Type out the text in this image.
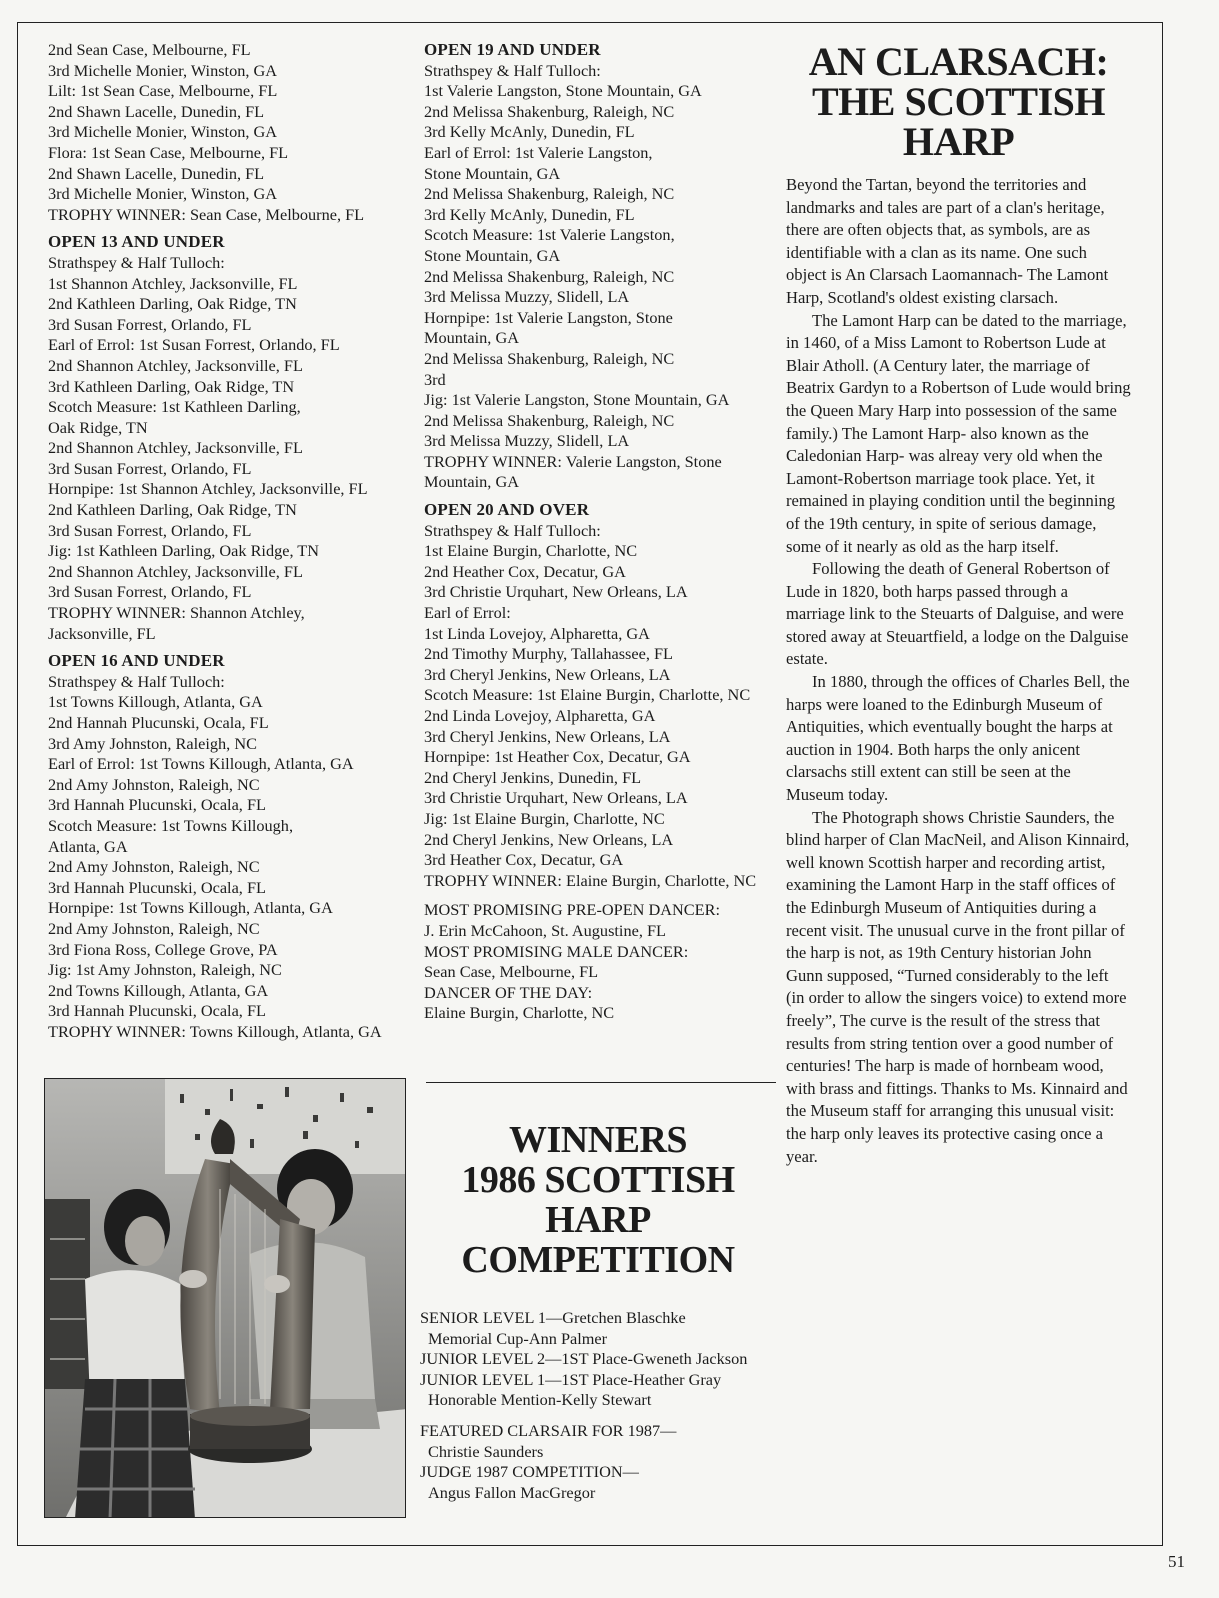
2nd Sean Case, Melbourne, FL
3rd Michelle Monier, Winston, GA
Lilt: 1st Sean Case, Melbourne, FL
2nd Shawn Lacelle, Dunedin, FL
3rd Michelle Monier, Winston, GA
Flora: 1st Sean Case, Melbourne, FL
2nd Shawn Lacelle, Dunedin, FL
3rd Michelle Monier, Winston, GA
TROPHY WINNER: Sean Case, Melbourne, FL
OPEN 13 AND UNDER
Strathspey & Half Tulloch:
1st Shannon Atchley, Jacksonville, FL
2nd Kathleen Darling, Oak Ridge, TN
3rd Susan Forrest, Orlando, FL
Earl of Errol: 1st Susan Forrest, Orlando, FL
2nd Shannon Atchley, Jacksonville, FL
3rd Kathleen Darling, Oak Ridge, TN
Scotch Measure: 1st Kathleen Darling,
Oak Ridge, TN
2nd Shannon Atchley, Jacksonville, FL
3rd Susan Forrest, Orlando, FL
Hornpipe: 1st Shannon Atchley, Jacksonville, FL
2nd Kathleen Darling, Oak Ridge, TN
3rd Susan Forrest, Orlando, FL
Jig: 1st Kathleen Darling, Oak Ridge, TN
2nd Shannon Atchley, Jacksonville, FL
3rd Susan Forrest, Orlando, FL
TROPHY WINNER: Shannon Atchley,
Jacksonville, FL
OPEN 16 AND UNDER
Strathspey & Half Tulloch:
1st Towns Killough, Atlanta, GA
2nd Hannah Plucunski, Ocala, FL
3rd Amy Johnston, Raleigh, NC
Earl of Errol: 1st Towns Killough, Atlanta, GA
2nd Amy Johnston, Raleigh, NC
3rd Hannah Plucunski, Ocala, FL
Scotch Measure: 1st Towns Killough,
Atlanta, GA
2nd Amy Johnston, Raleigh, NC
3rd Hannah Plucunski, Ocala, FL
Hornpipe: 1st Towns Killough, Atlanta, GA
2nd Amy Johnston, Raleigh, NC
3rd Fiona Ross, College Grove, PA
Jig: 1st Amy Johnston, Raleigh, NC
2nd Towns Killough, Atlanta, GA
3rd Hannah Plucunski, Ocala, FL
TROPHY WINNER: Towns Killough, Atlanta, GA
OPEN 19 AND UNDER
Strathspey & Half Tulloch:
1st Valerie Langston, Stone Mountain, GA
2nd Melissa Shakenburg, Raleigh, NC
3rd Kelly McAnly, Dunedin, FL
Earl of Errol: 1st Valerie Langston,
Stone Mountain, GA
2nd Melissa Shakenburg, Raleigh, NC
3rd Kelly McAnly, Dunedin, FL
Scotch Measure: 1st Valerie Langston,
Stone Mountain, GA
2nd Melissa Shakenburg, Raleigh, NC
3rd Melissa Muzzy, Slidell, LA
Hornpipe: 1st Valerie Langston, Stone
Mountain, GA
2nd Melissa Shakenburg, Raleigh, NC
3rd
Jig: 1st Valerie Langston, Stone Mountain, GA
2nd Melissa Shakenburg, Raleigh, NC
3rd Melissa Muzzy, Slidell, LA
TROPHY WINNER: Valerie Langston, Stone
Mountain, GA
OPEN 20 AND OVER
Strathspey & Half Tulloch:
1st Elaine Burgin, Charlotte, NC
2nd Heather Cox, Decatur, GA
3rd Christie Urquhart, New Orleans, LA
Earl of Errol:
1st Linda Lovejoy, Alpharetta, GA
2nd Timothy Murphy, Tallahassee, FL
3rd Cheryl Jenkins, New Orleans, LA
Scotch Measure: 1st Elaine Burgin, Charlotte, NC
2nd Linda Lovejoy, Alpharetta, GA
3rd Cheryl Jenkins, New Orleans, LA
Hornpipe: 1st Heather Cox, Decatur, GA
2nd Cheryl Jenkins, Dunedin, FL
3rd Christie Urquhart, New Orleans, LA
Jig: 1st Elaine Burgin, Charlotte, NC
2nd Cheryl Jenkins, New Orleans, LA
3rd Heather Cox, Decatur, GA
TROPHY WINNER: Elaine Burgin, Charlotte, NC
MOST PROMISING PRE-OPEN DANCER:
J. Erin McCahoon, St. Augustine, FL
MOST PROMISING MALE DANCER:
Sean Case, Melbourne, FL
DANCER OF THE DAY:
Elaine Burgin, Charlotte, NC
WINNERS
1986 SCOTTISH
HARP
COMPETITION
SENIOR LEVEL 1—Gretchen Blaschke
Memorial Cup-Ann Palmer
JUNIOR LEVEL 2—1ST Place-Gweneth Jackson
JUNIOR LEVEL 1—1ST Place-Heather Gray
Honorable Mention-Kelly Stewart
FEATURED CLARSAIR FOR 1987—
Christie Saunders
JUDGE 1987 COMPETITION—
Angus Fallon MacGregor
AN CLARSACH:
THE SCOTTISH
HARP
Beyond the Tartan, beyond the territories and landmarks and tales are part of a clan's heritage, there are often objects that, as symbols, are as identifiable with a clan as its name. One such object is An Clarsach Laomannach- The Lamont Harp, Scotland's oldest existing clarsach.
The Lamont Harp can be dated to the marriage, in 1460, of a Miss Lamont to Robertson Lude at Blair Atholl. (A Century later, the marriage of Beatrix Gardyn to a Robertson of Lude would bring the Queen Mary Harp into possession of the same family.) The Lamont Harp- also known as the Caledonian Harp- was alreay very old when the Lamont-Robertson marriage took place. Yet, it remained in playing condition until the beginning of the 19th century, in spite of serious damage, some of it nearly as old as the harp itself.
Following the death of General Robertson of Lude in 1820, both harps passed through a marriage link to the Steuarts of Dalguise, and were stored away at Steuartfield, a lodge on the Dalguise estate.
In 1880, through the offices of Charles Bell, the harps were loaned to the Edinburgh Museum of Antiquities, which eventually bought the harps at auction in 1904. Both harps the only anicent clarsachs still extent can still be seen at the Museum today.
The Photograph shows Christie Saunders, the blind harper of Clan MacNeil, and Alison Kinnaird, well known Scottish harper and recording artist, examining the Lamont Harp in the staff offices of the Edinburgh Museum of Antiquities during a recent visit. The unusual curve in the front pillar of the harp is not, as 19th Century historian John Gunn supposed, “Turned considerably to the left (in order to allow the singers voice) to extend more freely”, The curve is the result of the stress that results from string tention over a good number of centuries! The harp is made of hornbeam wood, with brass and fittings. Thanks to Ms. Kinnaird and the Museum staff for arranging this unusual visit: the harp only leaves its protective casing once a year.
51
